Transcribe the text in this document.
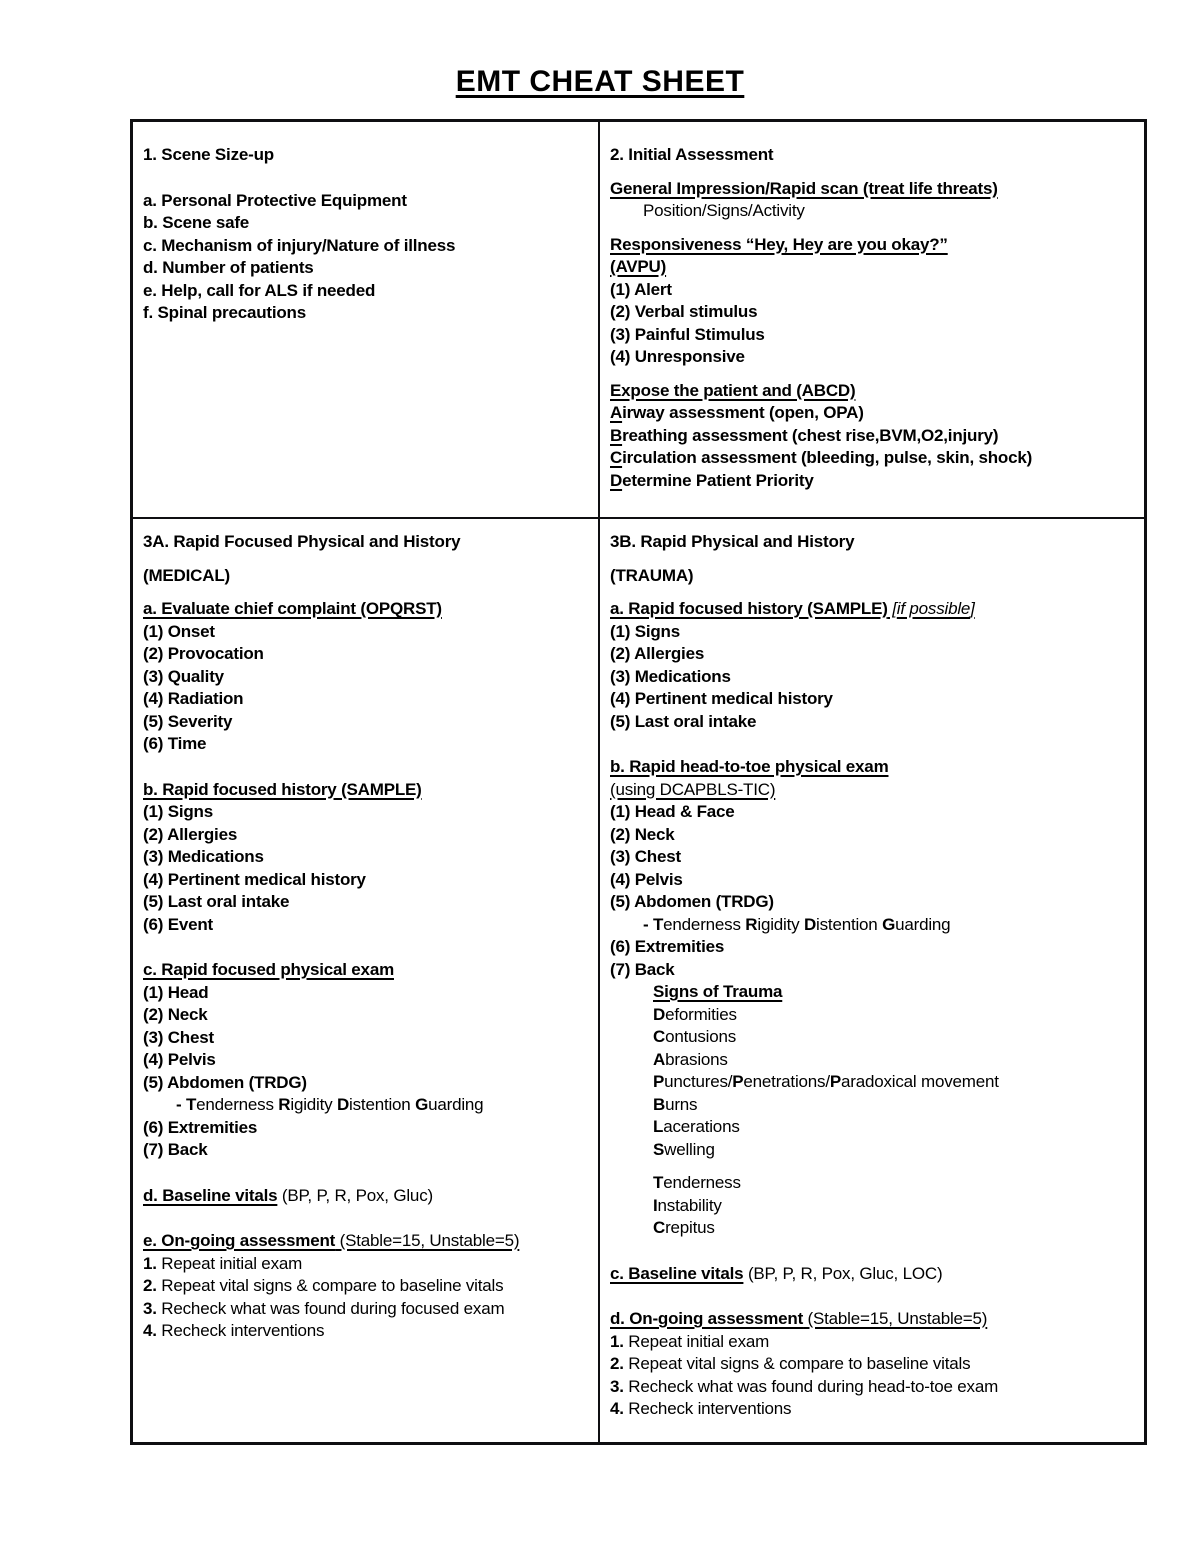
EMT CHEAT SHEET
1. Scene Size-up
a. Personal Protective Equipment
b. Scene safe
c. Mechanism of injury/Nature of illness
d. Number of patients
e. Help, call for ALS if needed
f. Spinal precautions
2. Initial Assessment
General Impression/Rapid scan (treat life threats)
Position/Signs/Activity
Responsiveness “Hey, Hey are you okay?”
(AVPU)
(1) Alert
(2) Verbal stimulus
(3) Painful Stimulus
(4) Unresponsive
Expose the patient and (ABCD)
Airway assessment (open, OPA)
Breathing assessment (chest rise,BVM,O2,injury)
Circulation assessment (bleeding, pulse, skin, shock)
Determine Patient Priority
3A. Rapid Focused Physical and History
(MEDICAL)
a. Evaluate chief complaint (OPQRST)
(1) Onset
(2) Provocation
(3) Quality
(4) Radiation
(5) Severity
(6) Time
b. Rapid focused history (SAMPLE)
(1) Signs
(2) Allergies
(3) Medications
(4) Pertinent medical history
(5) Last oral intake
(6) Event
c. Rapid focused physical exam
(1) Head
(2) Neck
(3) Chest
(4) Pelvis
(5) Abdomen (TRDG)
- Tenderness Rigidity Distention Guarding
(6) Extremities
(7) Back
d. Baseline vitals (BP, P, R, Pox, Gluc)
e. On-going assessment (Stable=15, Unstable=5)
1. Repeat initial exam
2. Repeat vital signs & compare to baseline vitals
3. Recheck what was found during focused exam
4. Recheck interventions
3B. Rapid Physical and History
(TRAUMA)
a. Rapid focused history (SAMPLE) [if possible]
(1) Signs
(2) Allergies
(3) Medications
(4) Pertinent medical history
(5) Last oral intake
b. Rapid head-to-toe physical exam
(using DCAPBLS-TIC)
(1) Head & Face
(2) Neck
(3) Chest
(4) Pelvis
(5) Abdomen (TRDG)
- Tenderness Rigidity Distention Guarding
(6) Extremities
(7) Back
Signs of Trauma
Deformities
Contusions
Abrasions
Punctures/Penetrations/Paradoxical movement
Burns
Lacerations
Swelling
Tenderness
Instability
Crepitus
c. Baseline vitals (BP, P, R, Pox, Gluc, LOC)
d. On-going assessment (Stable=15, Unstable=5)
1. Repeat initial exam
2. Repeat vital signs & compare to baseline vitals
3. Recheck what was found during head-to-toe exam
4. Recheck interventions
